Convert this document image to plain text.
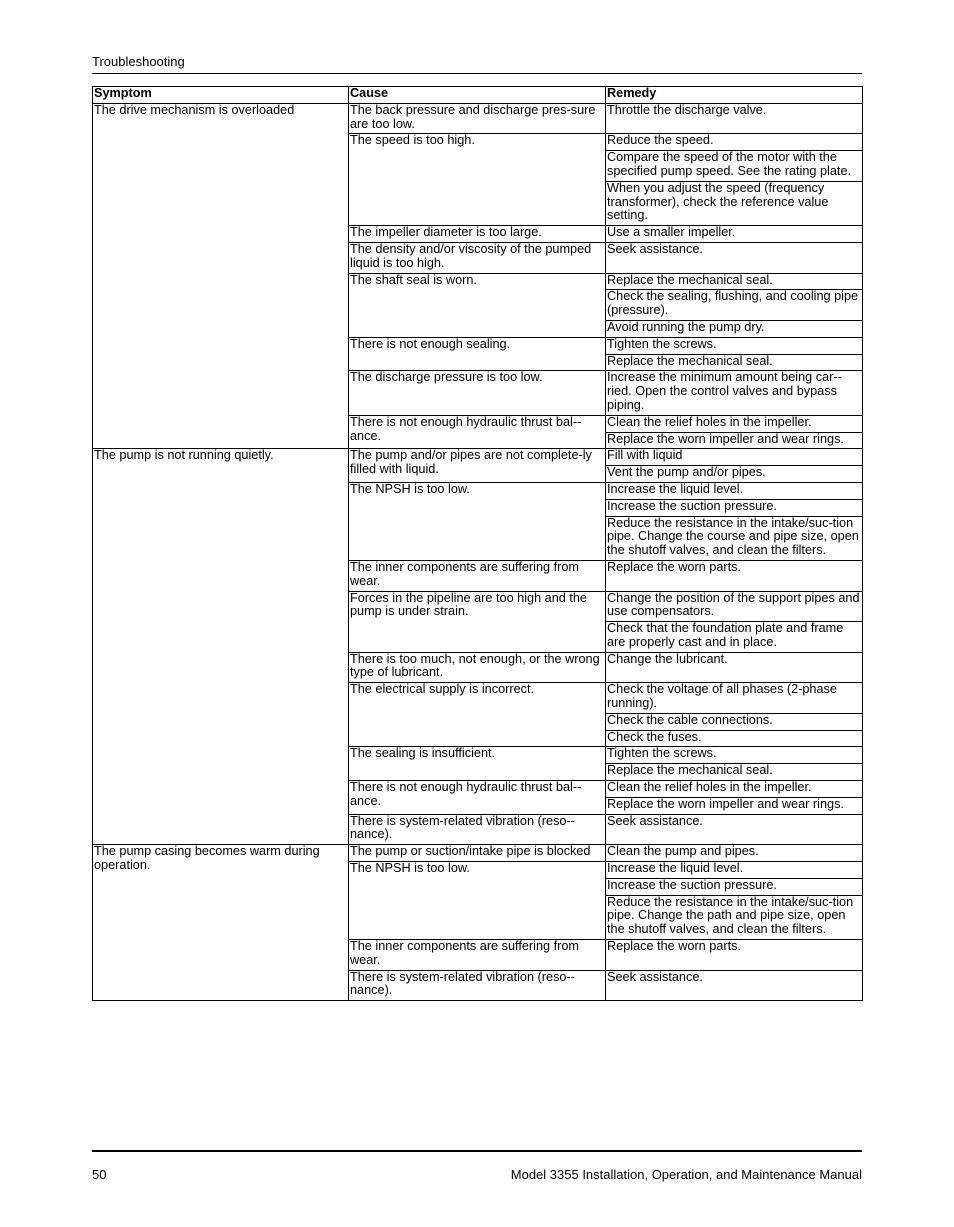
Troubleshooting
Symptom	Cause	Remedy
The drive mechanism is overloaded	The back pressure and discharge pres-sure are too low.	Throttle the discharge valve.
	The speed is too high.	Reduce the speed.
		Compare the speed of the motor with the specified pump speed. See the rating plate.
		When you adjust the speed (frequency transformer), check the reference value setting.
	The impeller diameter is too large.	Use a smaller impeller.
	The density and/or viscosity of the pumped liquid is too high.	Seek assistance.
	The shaft seal is worn.	Replace the mechanical seal.
		Check the sealing, flushing, and cooling pipe (pressure).
		Avoid running the pump dry.
	There is not enough sealing.	Tighten the screws.
		Replace the mechanical seal.
	The discharge pressure is too low.	Increase the minimum amount being car-ried. Open the control valves and bypass piping.
	There is not enough hydraulic thrust bal-ance.	Clean the relief holes in the impeller.
		Replace the worn impeller and wear rings.
The pump is not running quietly.	The pump and/or pipes are not complete-ly filled with liquid.	Fill with liquid
		Vent the pump and/or pipes.
	The NPSH is too low.	Increase the liquid level.
		Increase the suction pressure.
		Reduce the resistance in the intake/suc-tion pipe. Change the course and pipe size, open the shutoff valves, and clean the filters.
	The inner components are suffering from wear.	Replace the worn parts.
	Forces in the pipeline are too high and the pump is under strain.	Change the position of the support pipes and use compensators.
		Check that the foundation plate and frame are properly cast and in place.
	There is too much, not enough, or the wrong type of lubricant.	Change the lubricant.
	The electrical supply is incorrect.	Check the voltage of all phases (2-phase running).
		Check the cable connections.
		Check the fuses.
	The sealing is insufficient.	Tighten the screws.
		Replace the mechanical seal.
	There is not enough hydraulic thrust bal-ance.	Clean the relief holes in the impeller.
		Replace the worn impeller and wear rings.
	There is system-related vibration (reso-nance).	Seek assistance.
The pump casing becomes warm during operation.	The pump or suction/intake pipe is blocked	Clean the pump and pipes.
	The NPSH is too low.	Increase the liquid level.
		Increase the suction pressure.
		Reduce the resistance in the intake/suc-tion pipe. Change the path and pipe size, open the shutoff valves, and clean the filters.
	The inner components are suffering from wear.	Replace the worn parts.
	There is system-related vibration (reso-nance).	Seek assistance.
50	Model 3355 Installation, Operation, and Maintenance Manual
